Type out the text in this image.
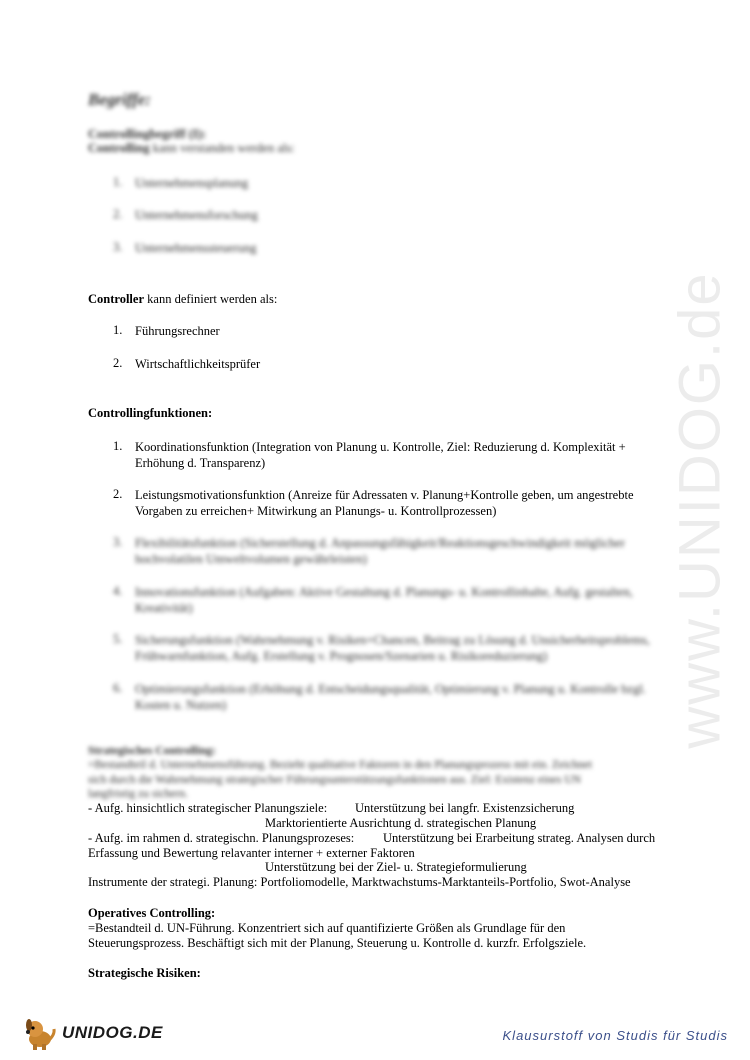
www.UNIDOG.de
Begriffe:
Controllingbegriff (I):
Controlling kann verstanden werden als:
1. Unternehmensplanung
2. Unternehmensforschung
3. Unternehmenssteuerung
Controller kann definiert werden als:
1. Führungsrechner
2. Wirtschaftlichkeitsprüfer
Controllingfunktionen:
1. Koordinationsfunktion (Integration von Planung u. Kontrolle, Ziel: Reduzierung d. Komplexität +
Erhöhung d. Transparenz)
2. Leistungsmotivationsfunktion (Anreize für Adressaten v. Planung+Kontrolle geben, um angestrebte
Vorgaben zu erreichen+ Mitwirkung an Planungs- u. Kontrollprozessen)
3. Flexibilitätsfunktion (Sicherstellung d. Anpassungsfähigkeit/Reaktionsgeschwindigkeit möglicher
hochvolatilen Umweltvolumen gewährleisten)
4. Innovationsfunktion (Aufgaben: Aktive Gestaltung d. Planungs- u. Kontrollinhalte, Aufg. gestalten,
Kreativität)
5. Sicherungsfunktion (Wahrnehmung v. Risiken+Chancen, Beitrag zu Lösung d. Unsicherheitsproblems,
Frühwarnfunktion, Aufg. Erstellung v. Prognosen/Szenarien u. Risikoreduzierung)
6. Optimierungsfunktion (Erhöhung d. Entscheidungsqualität, Optimierung v. Planung u. Kontrolle bzgl.
Kosten u. Nutzen)
Strategisches Controlling:
=Bestandteil d. Unternehmensführung. Bezieht qualitative Faktoren in den Planungsprozess mit ein. Zeichnet
sich durch die Wahrnehmung strategischer Führungsunterstützungsfunktionen aus. Ziel: Existenz eines UN
langfristig zu sichern.
- Aufg. hinsichtlich strategischer Planungsziele: Unterstützung bei langfr. Existenzsicherung
Marktorientierte Ausrichtung d. strategischen Planung
- Aufg. im rahmen d. strategischn. Planungsprozeses: Unterstützung bei Erarbeitung strateg. Analysen durch
Erfassung und Bewertung relavanter interner + externer Faktoren
Unterstützung bei der Ziel- u. Strategieformulierung
Instrumente der strategi. Planung: Portfoliomodelle, Marktwachstums-Marktanteils-Portfolio, Swot-Analyse
Operatives Controlling:
=Bestandteil d. UN-Führung. Konzentriert sich auf quantifizierte Größen als Grundlage für den
Steuerungsprozess. Beschäftigt sich mit der Planung, Steuerung u. Kontrolle d. kurzfr. Erfolgsziele.
Strategische Risiken:
UNIDOG.DE	Klausurstoff von Studis für Studis
